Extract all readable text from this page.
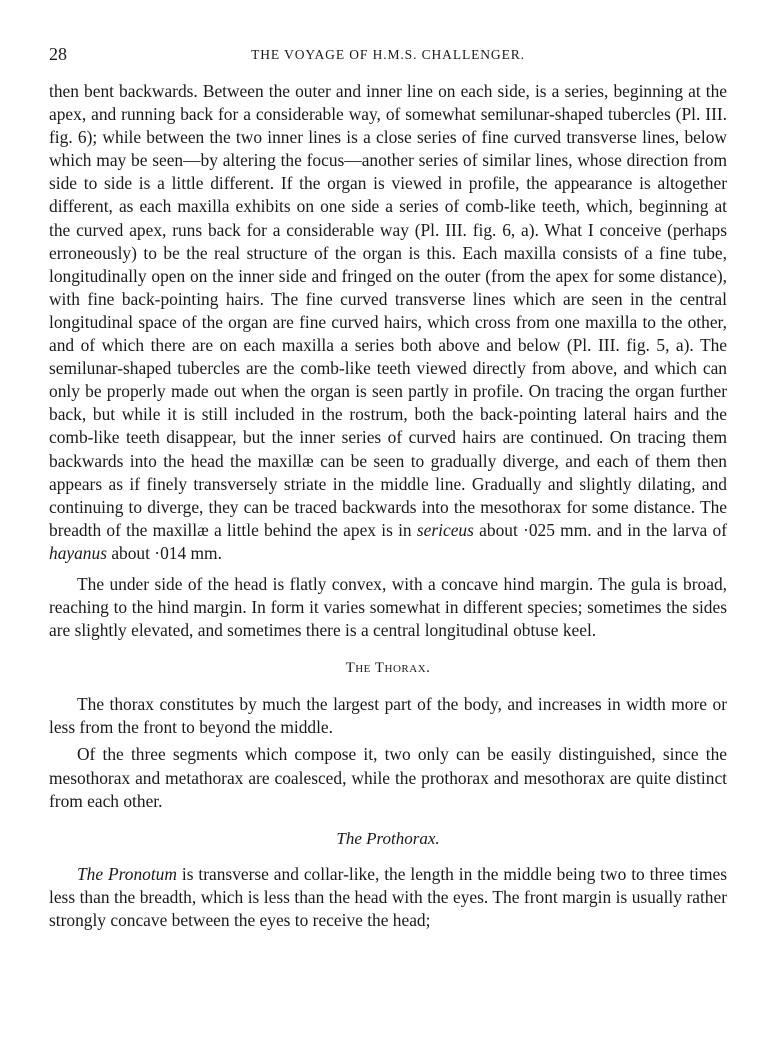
28	THE VOYAGE OF H.M.S. CHALLENGER.

then bent backwards. Between the outer and inner line on each side, is a series, beginning at the apex, and running back for a considerable way, of somewhat semilunar-shaped tubercles (Pl. III. fig. 6); while between the two inner lines is a close series of fine curved transverse lines, below which may be seen—by altering the focus—another series of similar lines, whose direction from side to side is a little different. If the organ is viewed in profile, the appearance is altogether different, as each maxilla exhibits on one side a series of comb-like teeth, which, beginning at the curved apex, runs back for a considerable way (Pl. III. fig. 6, a). What I conceive (perhaps erroneously) to be the real structure of the organ is this. Each maxilla consists of a fine tube, longitudinally open on the inner side and fringed on the outer (from the apex for some distance), with fine back-pointing hairs. The fine curved transverse lines which are seen in the central longitudinal space of the organ are fine curved hairs, which cross from one maxilla to the other, and of which there are on each maxilla a series both above and below (Pl. III. fig. 5, a). The semilunar-shaped tubercles are the comb-like teeth viewed directly from above, and which can only be properly made out when the organ is seen partly in profile. On tracing the organ further back, but while it is still included in the rostrum, both the back-pointing lateral hairs and the comb-like teeth disappear, but the inner series of curved hairs are continued. On tracing them backwards into the head the maxillæ can be seen to gradually diverge, and each of them then appears as if finely transversely striate in the middle line. Gradually and slightly dilating, and continuing to diverge, they can be traced backwards into the mesothorax for some distance. The breadth of the maxillæ a little behind the apex is in sericeus about ·025 mm. and in the larva of hayanus about ·014 mm.

The under side of the head is flatly convex, with a concave hind margin. The gula is broad, reaching to the hind margin. In form it varies somewhat in different species; sometimes the sides are slightly elevated, and sometimes there is a central longitudinal obtuse keel.

The Thorax.

The thorax constitutes by much the largest part of the body, and increases in width more or less from the front to beyond the middle.

Of the three segments which compose it, two only can be easily distinguished, since the mesothorax and metathorax are coalesced, while the prothorax and mesothorax are quite distinct from each other.

The Prothorax.

The Pronotum is transverse and collar-like, the length in the middle being two to three times less than the breadth, which is less than the head with the eyes. The front margin is usually rather strongly concave between the eyes to receive the head;
